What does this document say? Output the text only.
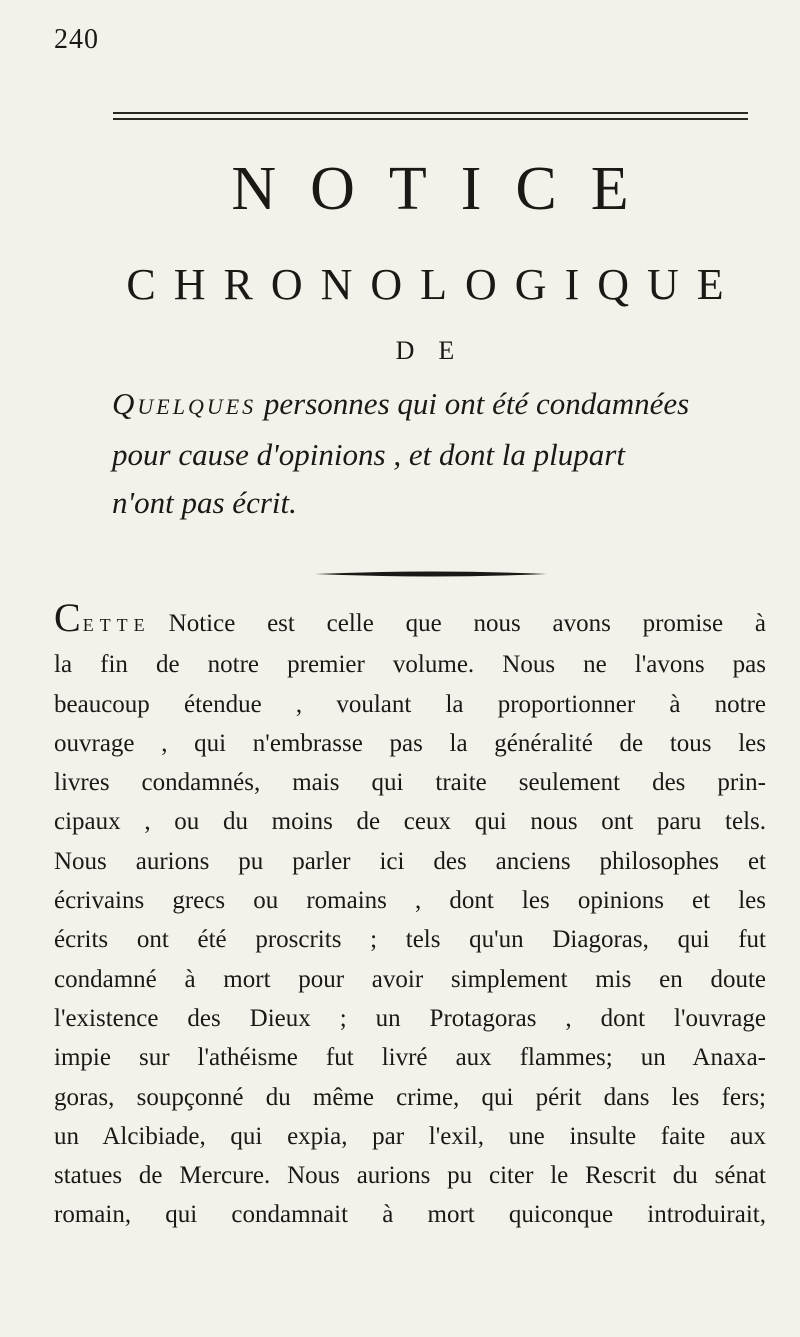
240
NOTICE
CHRONOLOGIQUE
DE

QUELQUES personnes qui ont été condamnées
pour cause d'opinions , et dont la plupart
n'ont pas écrit.

C ETTE Notice est celle que nous avons promise à
la fin de notre premier volume. Nous ne l'avons pas
beaucoup étendue , voulant la proportionner à notre
ouvrage , qui n'embrasse pas la généralité de tous les
livres condamnés, mais qui traite seulement des prin-
cipaux , ou du moins de ceux qui nous ont paru tels.
Nous aurions pu parler ici des anciens philosophes et
écrivains grecs ou romains , dont les opinions et les
écrits ont été proscrits ; tels qu'un Diagoras, qui fut
condamné à mort pour avoir simplement mis en doute
l'existence des Dieux ; un Protagoras , dont l'ouvrage
impie sur l'athéisme fut livré aux flammes; un Anaxa-
goras, soupçonné du même crime, qui périt dans les fers;
un Alcibiade, qui expia, par l'exil, une insulte faite aux
statues de Mercure. Nous aurions pu citer le Rescrit du sénat
romain, qui condamnait à mort quiconque introduirait,
